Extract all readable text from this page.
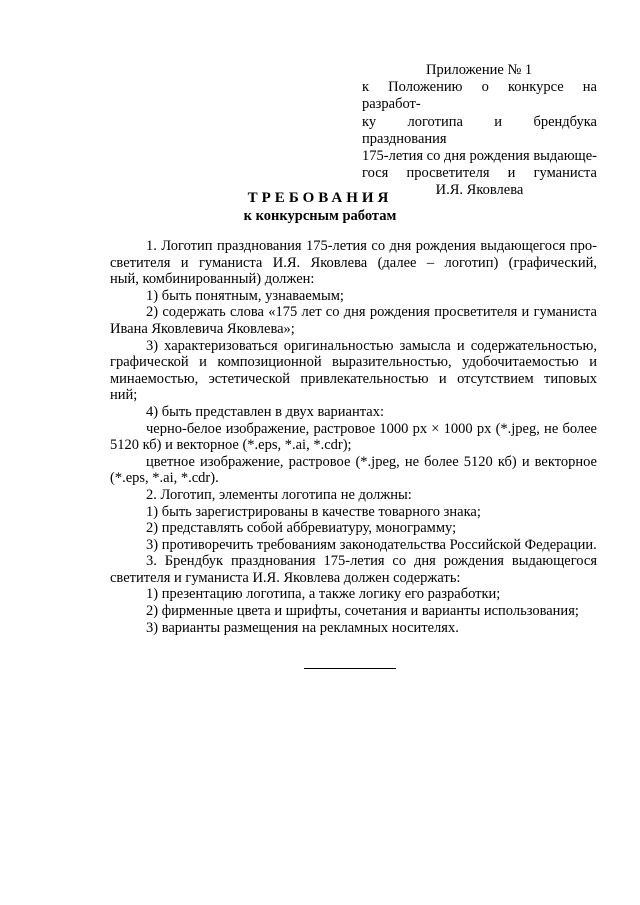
Приложение № 1
к Положению о конкурсе на разработ-
ку логотипа и брендбука празднования
175-летия со дня рождения выдающе-
гося просветителя и гуманиста
И.Я. Яковлева
ТРЕБОВАНИЯ
к конкурсным работам
1. Логотип празднования 175-летия со дня рождения выдающегося про-
светителя и гуманиста И.Я. Яковлева (далее – логотип) (графический,
ный, комбинированный) должен:
1) быть понятным, узнаваемым;
2) содержать слова «175 лет со дня рождения просветителя и гуманиста
Ивана Яковлевича Яковлева»;
3) характеризоваться оригинальностью замысла и содержательностью,
графической и композиционной выразительностью, удобочитаемостью и
минаемостью, эстетической привлекательностью и отсутствием типовых
ний;
4) быть представлен в двух вариантах:
черно-белое изображение, растровое 1000 px × 1000 px (*.jpeg, не более
5120 кб) и векторное (*.eps, *.ai, *.cdr);
цветное изображение, растровое (*.jpeg, не более 5120 кб) и векторное
(*.eps, *.ai, *.cdr).
2. Логотип, элементы логотипа не должны:
1) быть зарегистрированы в качестве товарного знака;
2) представлять собой аббревиатуру, монограмму;
3) противоречить требованиям законодательства Российской Федерации.
3. Брендбук празднования 175-летия со дня рождения выдающегося
светителя и гуманиста И.Я. Яковлева должен содержать:
1) презентацию логотипа, а также логику его разработки;
2) фирменные цвета и шрифты, сочетания и варианты использования;
3) варианты размещения на рекламных носителях.
